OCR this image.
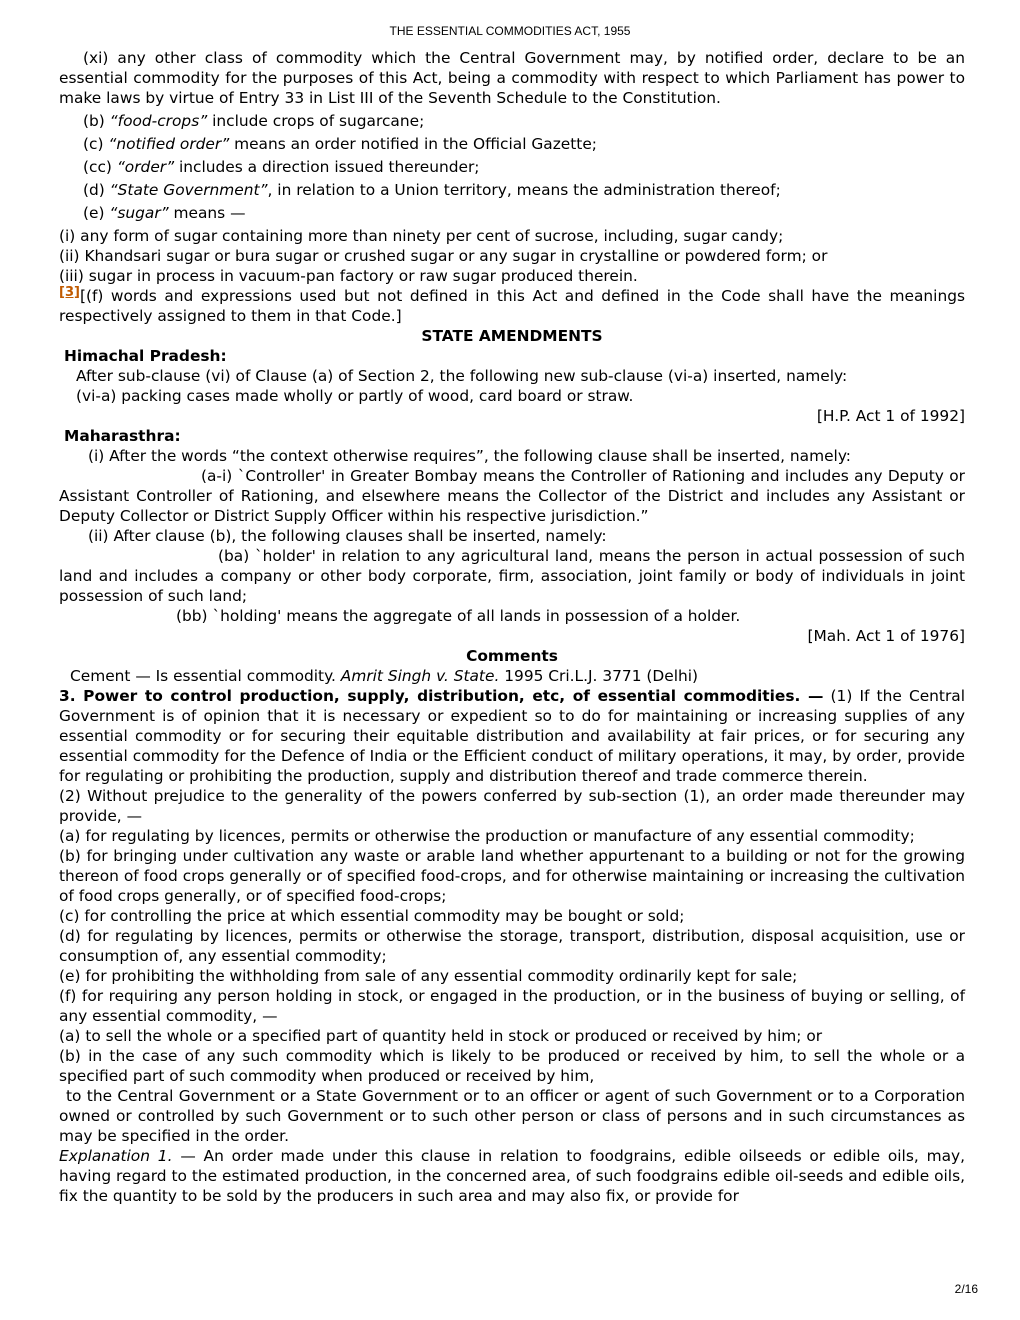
THE ESSENTIAL COMMODITIES ACT, 1955

(xi) any other class of commodity which the Central Government may, by notified order, declare to be an essential commodity for the purposes of this Act, being a commodity with respect to which Parliament has power to make laws by virtue of Entry 33 in List III of the Seventh Schedule to the Constitution.

(b) “food-crops” include crops of sugarcane;

(c) “notified order” means an order notified in the Official Gazette;

(cc) “order” includes a direction issued thereunder;

(d) “State Government”, in relation to a Union territory, means the administration thereof;

(e) “sugar” means —

(i) any form of sugar containing more than ninety per cent of sucrose, including, sugar candy;

(ii) Khandsari sugar or bura sugar or crushed sugar or any sugar in crystalline or powdered form; or

(iii) sugar in process in vacuum-pan factory or raw sugar produced therein.

[3][(f) words and expressions used but not defined in this Act and defined in the Code shall have the meanings respectively assigned to them in that Code.]

STATE AMENDMENTS

Himachal Pradesh:

After sub-clause (vi) of Clause (a) of Section 2, the following new sub-clause (vi-a) inserted, namely:

(vi-a) packing cases made wholly or partly of wood, card board or straw.

[H.P. Act 1 of 1992]

Maharasthra:

(i) After the words “the context otherwise requires”, the following clause shall be inserted, namely:

(a-i) `Controller' in Greater Bombay means the Controller of Rationing and includes any Deputy or Assistant Controller of Rationing, and elsewhere means the Collector of the District and includes any Assistant or Deputy Collector or District Supply Officer within his respective jurisdiction.”

(ii) After clause (b), the following clauses shall be inserted, namely:

(ba) `holder' in relation to any agricultural land, means the person in actual possession of such land and includes a company or other body corporate, firm, association, joint family or body of individuals in joint possession of such land;

(bb) `holding' means the aggregate of all lands in possession of a holder.

[Mah. Act 1 of 1976]

Comments

Cement — Is essential commodity. Amrit Singh v. State. 1995 Cri.L.J. 3771 (Delhi)

3. Power to control production, supply, distribution, etc, of essential commodities. — (1) If the Central Government is of opinion that it is necessary or expedient so to do for maintaining or increasing supplies of any essential commodity or for securing their equitable distribution and availability at fair prices, or for securing any essential commodity for the Defence of India or the Efficient conduct of military operations, it may, by order, provide for regulating or prohibiting the production, supply and distribution thereof and trade commerce therein.

(2) Without prejudice to the generality of the powers conferred by sub-section (1), an order made thereunder may provide, —

(a) for regulating by licences, permits or otherwise the production or manufacture of any essential commodity;

(b) for bringing under cultivation any waste or arable land whether appurtenant to a building or not for the growing thereon of food crops generally or of specified food-crops, and for otherwise maintaining or increasing the cultivation of food crops generally, or of specified food-crops;

(c) for controlling the price at which essential commodity may be bought or sold;

(d) for regulating by licences, permits or otherwise the storage, transport, distribution, disposal acquisition, use or consumption of, any essential commodity;

(e) for prohibiting the withholding from sale of any essential commodity ordinarily kept for sale;

(f) for requiring any person holding in stock, or engaged in the production, or in the business of buying or selling, of any essential commodity, —

(a) to sell the whole or a specified part of quantity held in stock or produced or received by him; or

(b) in the case of any such commodity which is likely to be produced or received by him, to sell the whole or a specified part of such commodity when produced or received by him,

to the Central Government or a State Government or to an officer or agent of such Government or to a Corporation owned or controlled by such Government or to such other person or class of persons and in such circumstances as may be specified in the order.

Explanation 1. — An order made under this clause in relation to foodgrains, edible oilseeds or edible oils, may, having regard to the estimated production, in the concerned area, of such foodgrains edible oil-seeds and edible oils, fix the quantity to be sold by the producers in such area and may also fix, or provide for

2/16
